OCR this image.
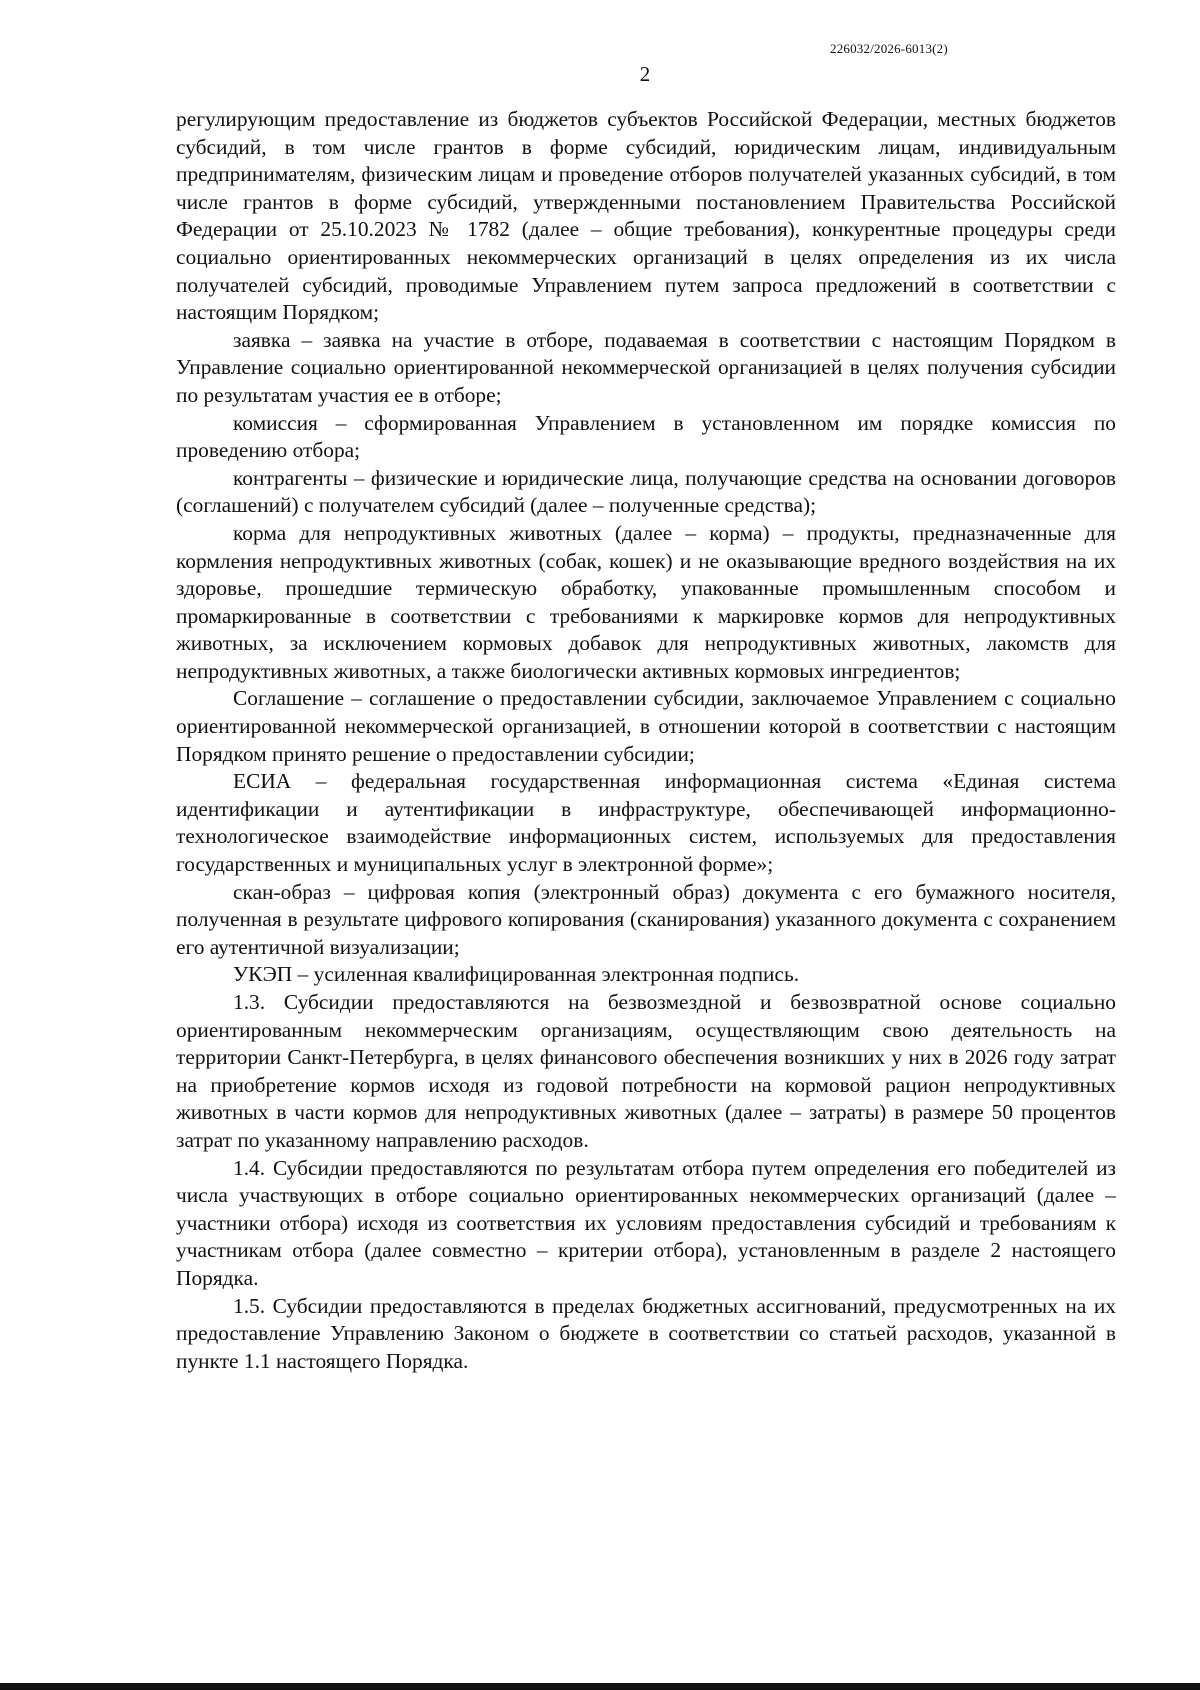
226032/2026-6013(2)
2

регулирующим предоставление из бюджетов субъектов Российской Федерации, местных бюджетов субсидий, в том числе грантов в форме субсидий, юридическим лицам, индивидуальным предпринимателям, физическим лицам и проведение отборов получателей указанных субсидий, в том числе грантов в форме субсидий, утвержденными постановлением Правительства Российской Федерации от 25.10.2023 № 1782 (далее – общие требования), конкурентные процедуры среди социально ориентированных некоммерческих организаций в целях определения из их числа получателей субсидий, проводимые Управлением путем запроса предложений в соответствии с настоящим Порядком;

заявка – заявка на участие в отборе, подаваемая в соответствии с настоящим Порядком в Управление социально ориентированной некоммерческой организацией в целях получения субсидии по результатам участия ее в отборе;

комиссия – сформированная Управлением в установленном им порядке комиссия по проведению отбора;

контрагенты – физические и юридические лица, получающие средства на основании договоров (соглашений) с получателем субсидий (далее – полученные средства);

корма для непродуктивных животных (далее – корма) – продукты, предназначенные для кормления непродуктивных животных (собак, кошек) и не оказывающие вредного воздействия на их здоровье, прошедшие термическую обработку, упакованные промышленным способом и промаркированные в соответствии с требованиями к маркировке кормов для непродуктивных животных, за исключением кормовых добавок для непродуктивных животных, лакомств для непродуктивных животных, а также биологически активных кормовых ингредиентов;

Соглашение – соглашение о предоставлении субсидии, заключаемое Управлением с социально ориентированной некоммерческой организацией, в отношении которой в соответствии с настоящим Порядком принято решение о предоставлении субсидии;

ЕСИА – федеральная государственная информационная система «Единая система идентификации и аутентификации в инфраструктуре, обеспечивающей информационно-технологическое взаимодействие информационных систем, используемых для предоставления государственных и муниципальных услуг в электронной форме»;

скан-образ – цифровая копия (электронный образ) документа с его бумажного носителя, полученная в результате цифрового копирования (сканирования) указанного документа с сохранением его аутентичной визуализации;

УКЭП – усиленная квалифицированная электронная подпись.

1.3. Субсидии предоставляются на безвозмездной и безвозвратной основе социально ориентированным некоммерческим организациям, осуществляющим свою деятельность на территории Санкт-Петербурга, в целях финансового обеспечения возникших у них в 2026 году затрат на приобретение кормов исходя из годовой потребности на кормовой рацион непродуктивных животных в части кормов для непродуктивных животных (далее – затраты) в размере 50 процентов затрат по указанному направлению расходов.

1.4. Субсидии предоставляются по результатам отбора путем определения его победителей из числа участвующих в отборе социально ориентированных некоммерческих организаций (далее – участники отбора) исходя из соответствия их условиям предоставления субсидий и требованиям к участникам отбора (далее совместно – критерии отбора), установленным в разделе 2 настоящего Порядка.

1.5. Субсидии предоставляются в пределах бюджетных ассигнований, предусмотренных на их предоставление Управлению Законом о бюджете в соответствии со статьей расходов, указанной в пункте 1.1 настоящего Порядка.
